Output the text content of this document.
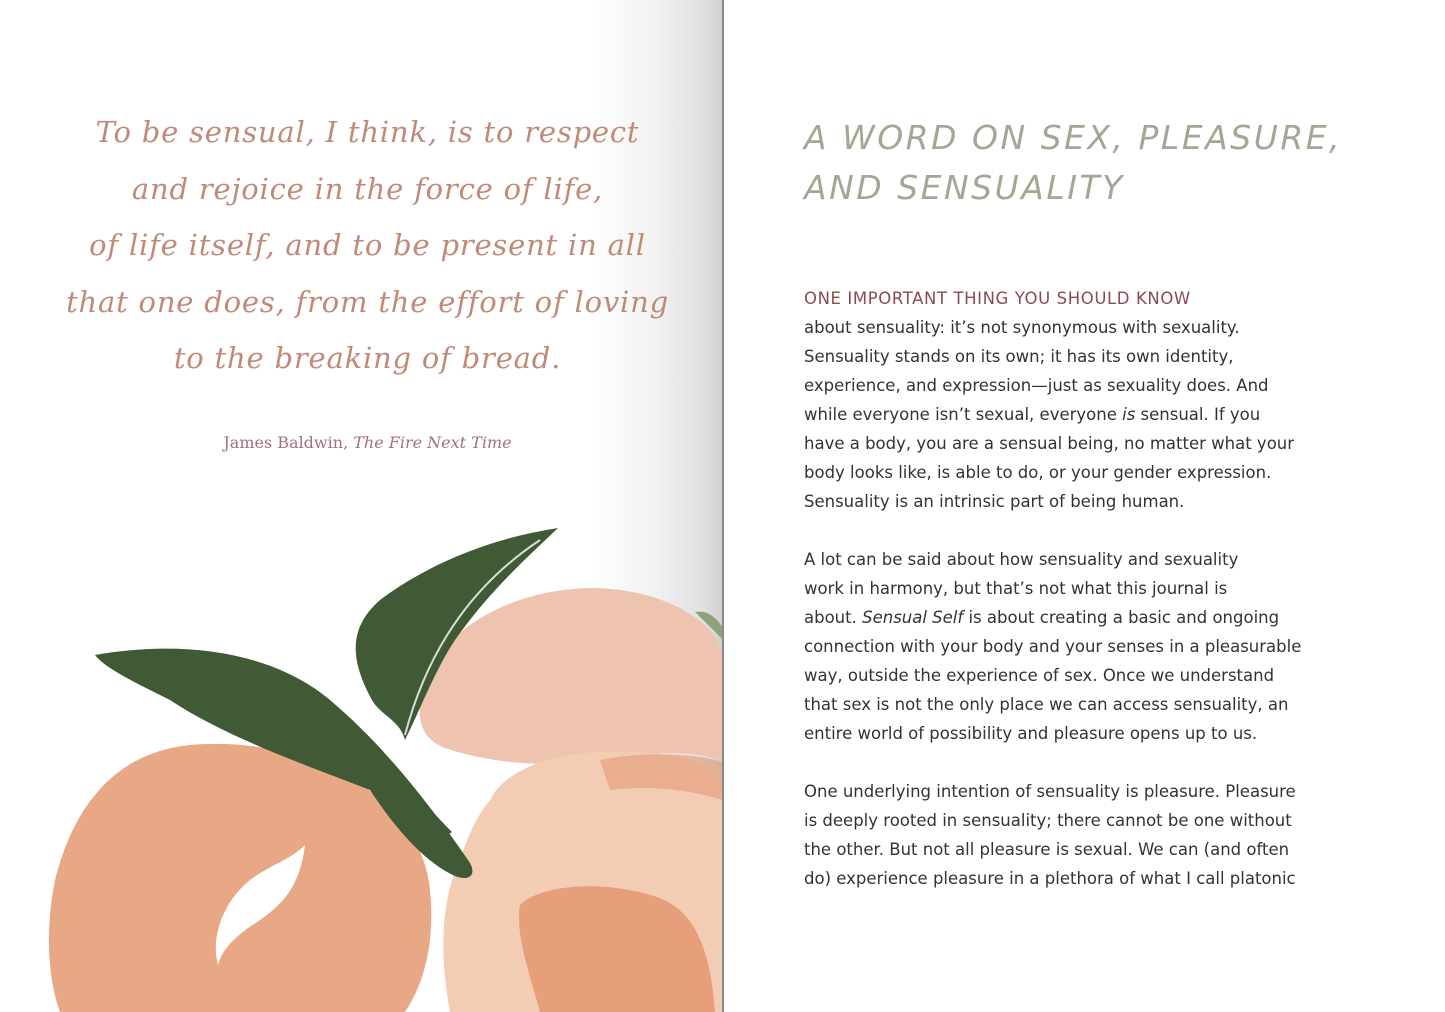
To be sensual, I think, is to respect
and rejoice in the force of life,
of life itself, and to be present in all
that one does, from the effort of loving
to the breaking of bread.

James Baldwin, The Fire Next Time
A WORD ON SEX, PLEASURE,
AND SENSUALITY
ONE IMPORTANT THING YOU SHOULD KNOW
about sensuality: it’s not synonymous with sexuality.
Sensuality stands on its own; it has its own identity,
experience, and expression—just as sexuality does. And
while everyone isn’t sexual, everyone is sensual. If you
have a body, you are a sensual being, no matter what your
body looks like, is able to do, or your gender expression.
Sensuality is an intrinsic part of being human.
A lot can be said about how sensuality and sexuality
work in harmony, but that’s not what this journal is
about. Sensual Self is about creating a basic and ongoing
connection with your body and your senses in a pleasurable
way, outside the experience of sex. Once we understand
that sex is not the only place we can access sensuality, an
entire world of possibility and pleasure opens up to us.
One underlying intention of sensuality is pleasure. Pleasure
is deeply rooted in sensuality; there cannot be one without
the other. But not all pleasure is sexual. We can (and often
do) experience pleasure in a plethora of what I call platonic
